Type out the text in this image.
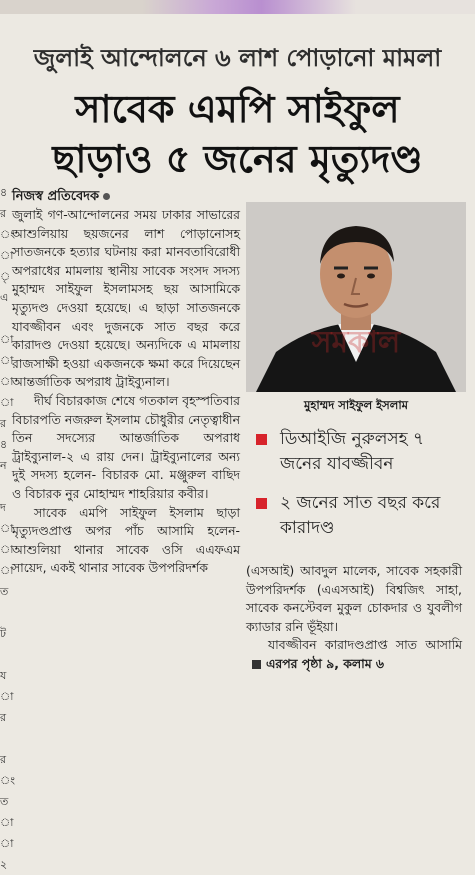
জুলাই আন্দোলনে ৬ লাশ পোড়ানো মামলা
সাবেক এমপি সাইফুল
ছাড়াও ৫ জনের মৃত্যুদণ্ড
৪
র
ং
া
ৃ
এ

া
া
া
া
র
৪
ন

দ
া
া
া
ত

ট

য
া
র

র
ং
ত
া
া
২
নিজস্ব প্রতিবেদক

জুলাই গণ-আন্দোলনের সময় ঢাকার সাভারের আশুলিয়ায় ছয়জনের লাশ পোড়ানোসহ সাতজনকে হত্যার ঘটনায় করা মানবতাবিরোধী অপরাধের মামলায় স্থানীয় সাবেক সংসদ সদস্য মুহাম্মদ সাইফুল ইসলামসহ ছয় আসামিকে মৃত্যুদণ্ড দেওয়া হয়েছে। এ ছাড়া সাতজনকে যাবজ্জীবন এবং দুজনকে সাত বছর করে কারাদণ্ড দেওয়া হয়েছে। অন্যদিকে এ মামলায় রাজসাক্ষী হওয়া একজনকে ক্ষমা করে দিয়েছেন আন্তর্জাতিক অপরাধ ট্রাইব্যুনাল।

দীর্ঘ বিচারকাজ শেষে গতকাল বৃহস্পতিবার বিচারপতি নজরুল ইসলাম চৌধুরীর নেতৃত্বাধীন তিন সদস্যের আন্তর্জাতিক অপরাধ ট্রাইব্যুনাল-২ এ রায় দেন। ট্রাইব্যুনালের অন্য দুই সদস্য হলেন- বিচারক মো. মঞ্জুরুল বাছিদ ও বিচারক নুর মোহাম্মদ শাহরিয়ার কবীর।

সাবেক এমপি সাইফুল ইসলাম ছাড়া মৃত্যুদণ্ডপ্রাপ্ত অপর পাঁচ আসামি হলেন- আশুলিয়া থানার সাবেক ওসি এএফএম সায়েদ, একই থানার সাবেক উপপরিদর্শক

সমকাল
মুহাম্মদ সাইফুল ইসলাম
ডিআইজি নুরুলসহ ৭ জনের যাবজ্জীবন
২ জনের সাত বছর করে কারাদণ্ড

(এসআই) আবদুল মালেক, সাবেক সহকারী উপপরিদর্শক (এএসআই) বিশ্বজিৎ সাহা, সাবেক কনস্টেবল মুকুল চোকদার ও যুবলীগ ক্যাডার রনি ভূঁইয়া।

যাবজ্জীবন কারাদণ্ডপ্রাপ্ত সাত আসামিএরপর পৃষ্ঠা ৯, কলাম ৬
